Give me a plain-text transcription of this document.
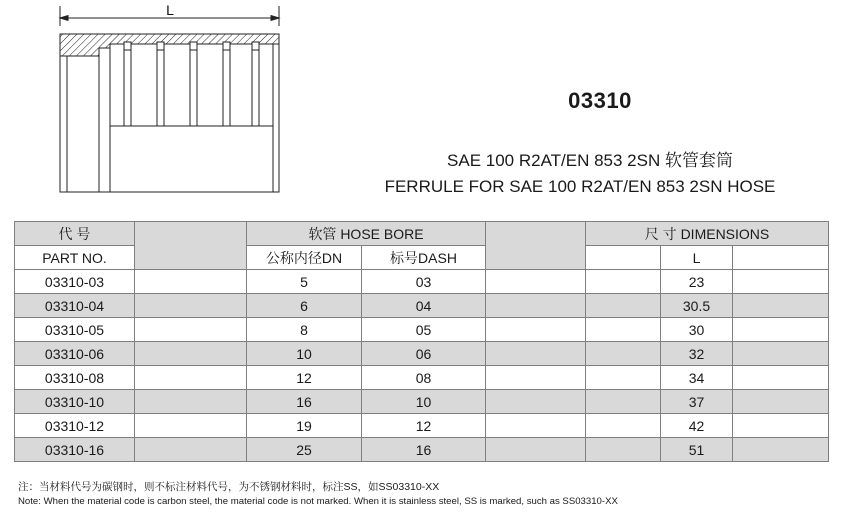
L
03310
SAE 100 R2AT/EN 853 2SN 软管套筒
FERRULE FOR SAE 100 R2AT/EN 853 2SN HOSE
代 号		软管 HOSE BORE			尺 寸 DIMENSIONS		
PART NO.		公称内径DN	标号DASH			L	
03310-03		5	03			23	
03310-04		6	04			30.5	
03310-05		8	05			30	
03310-06		10	06			32	
03310-08		12	08			34	
03310-10		16	10			37	
03310-12		19	12			42	
03310-16		25	16			51	
注：当材料代号为碳钢时，则不标注材料代号，为不锈钢材料时，标注SS，如SS03310-XX
Note: When the material code is carbon steel, the material code is not marked. When it is stainless steel, SS is marked, such as SS03310-XX
